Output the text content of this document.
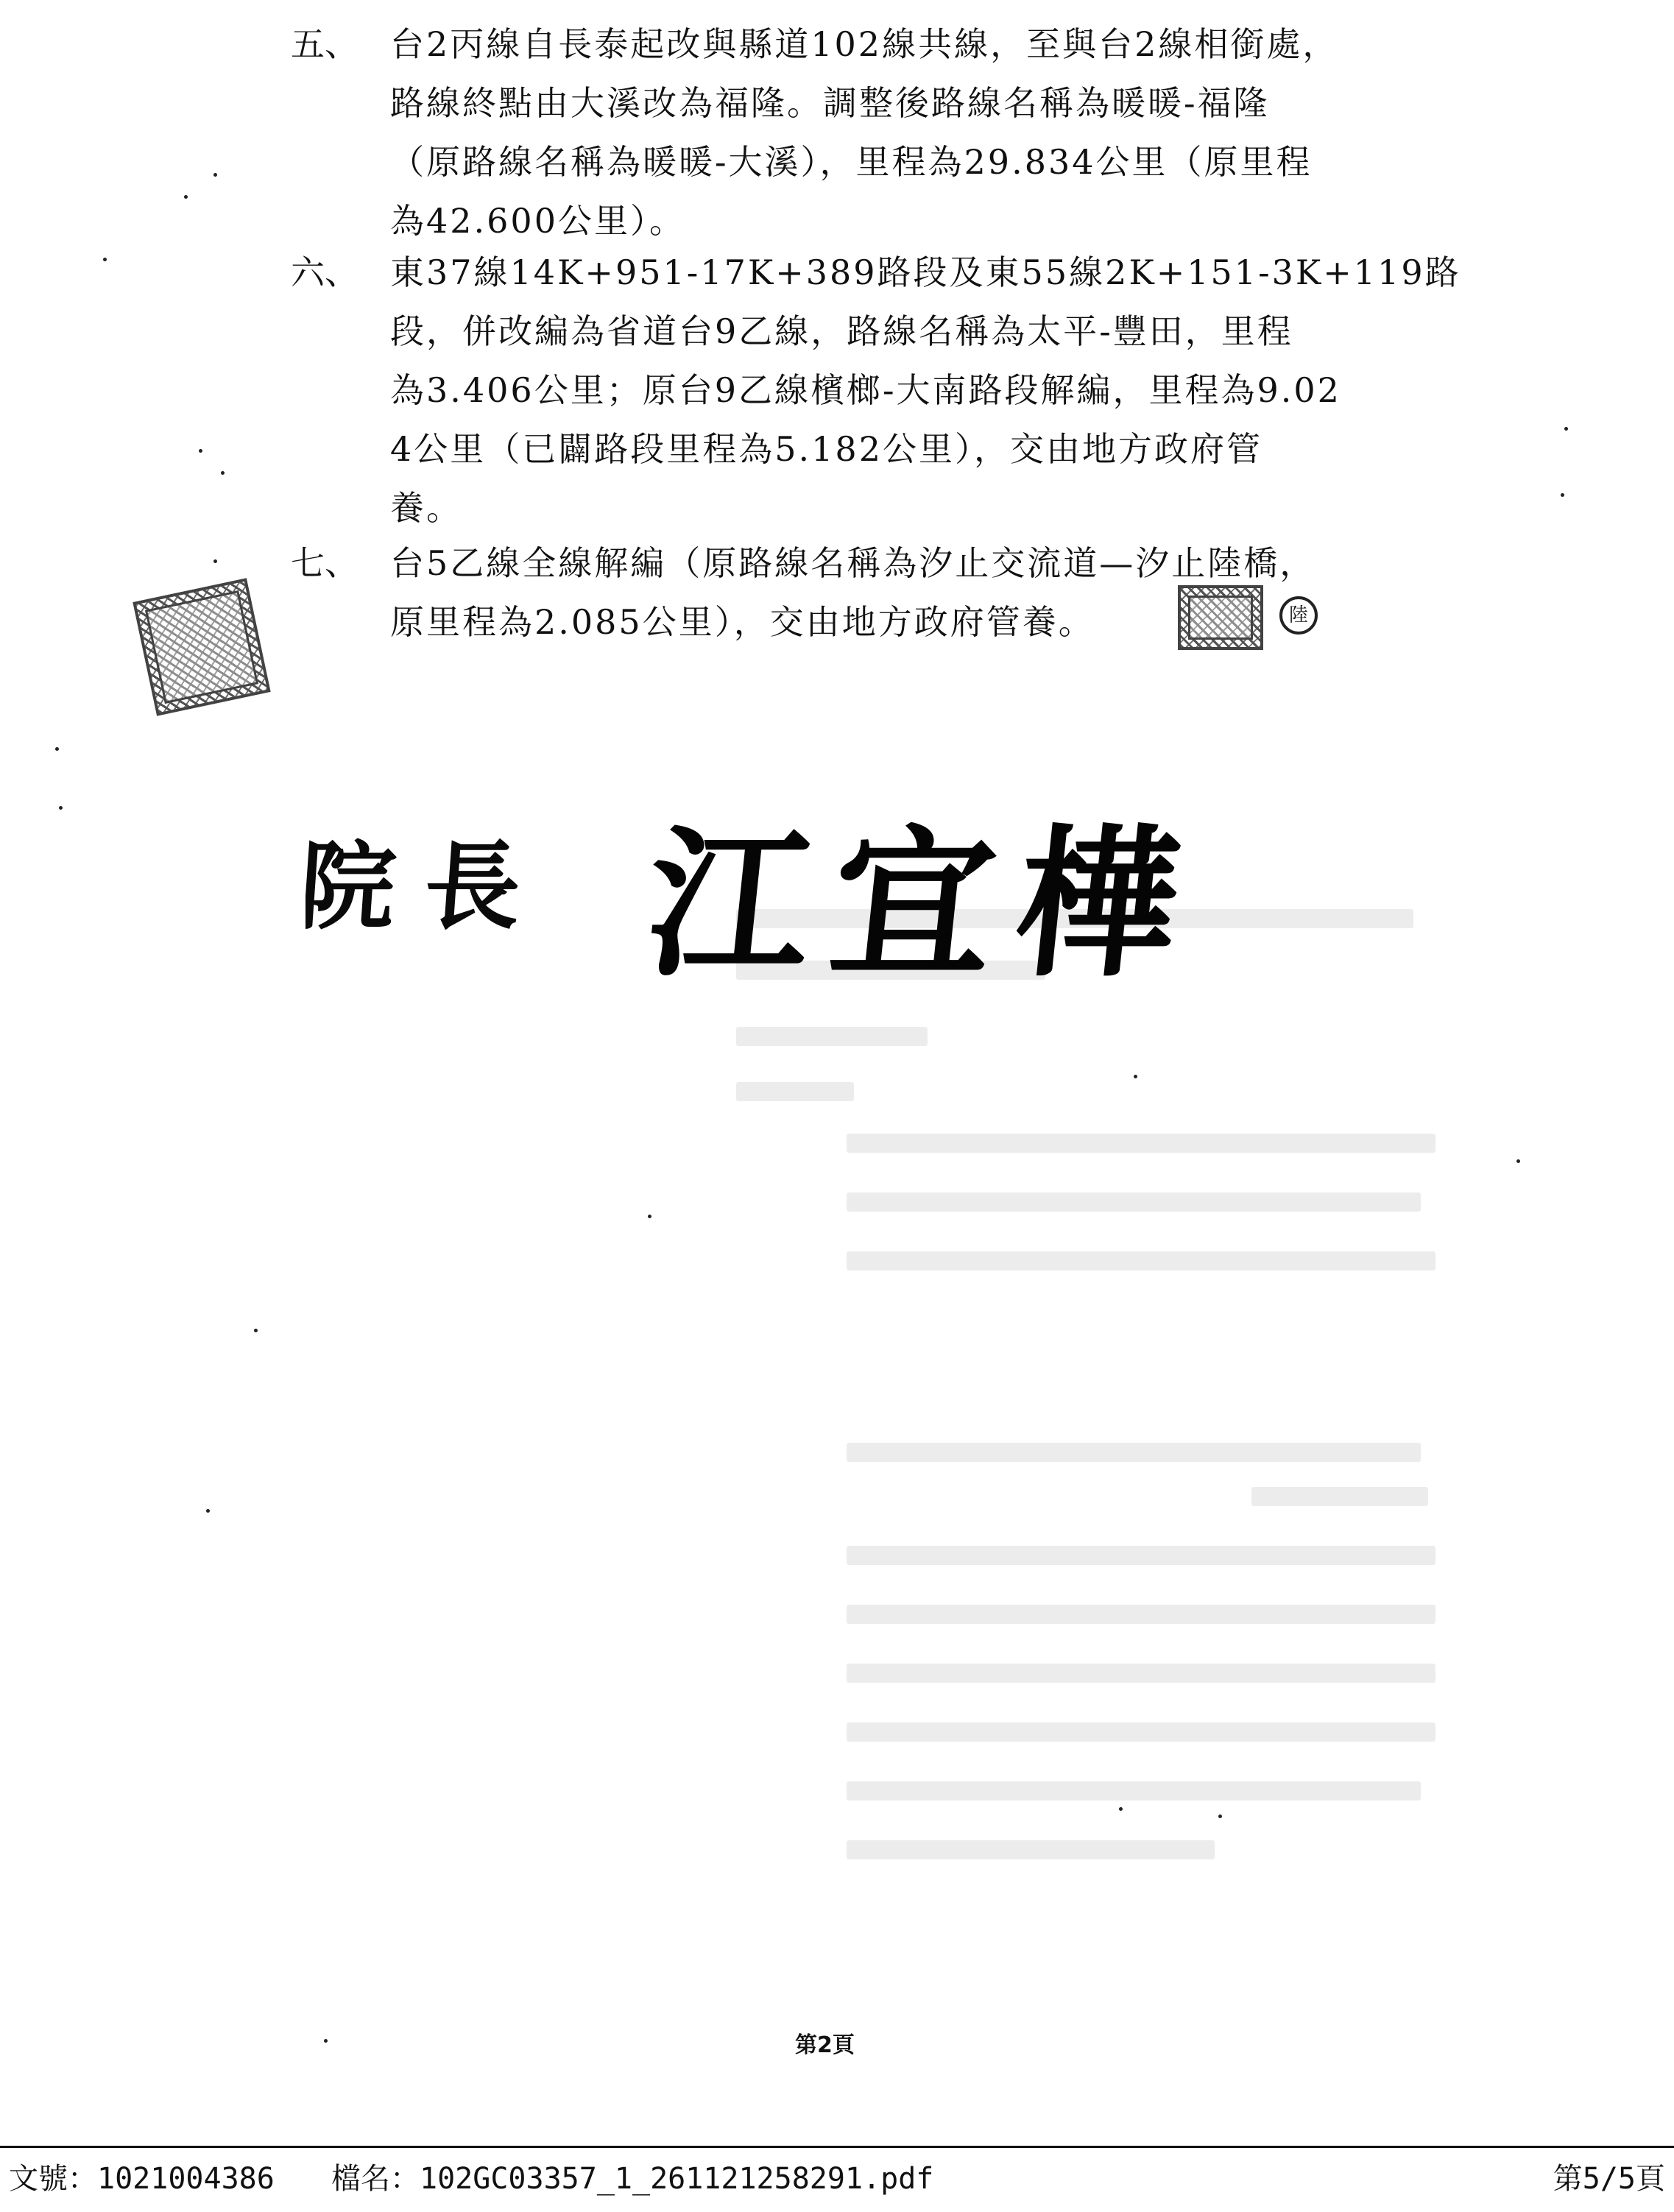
五、 台2丙線自長泰起改與縣道102線共線，至與台2線相銜處，
路線終點由大溪改為福隆。調整後路線名稱為暖暖-福隆
（原路線名稱為暖暖-大溪），里程為29.834公里（原里程
為42.600公里）。
六、 東37線14K+951-17K+389路段及東55線2K+151-3K+119路
段，併改編為省道台9乙線，路線名稱為太平-豐田，里程
為3.406公里；原台9乙線檳榔-大南路段解編，里程為9.02
4公里（已闢路段里程為5.182公里），交由地方政府管
養。
七、 台5乙線全線解編（原路線名稱為汐止交流道—汐止陸橋，
原里程為2.085公里），交由地方政府管養。	陸
院長 江宜樺
第2頁
文號：1021004386 檔名：102GC03357_1_261121258291.pdf	第5/5頁
